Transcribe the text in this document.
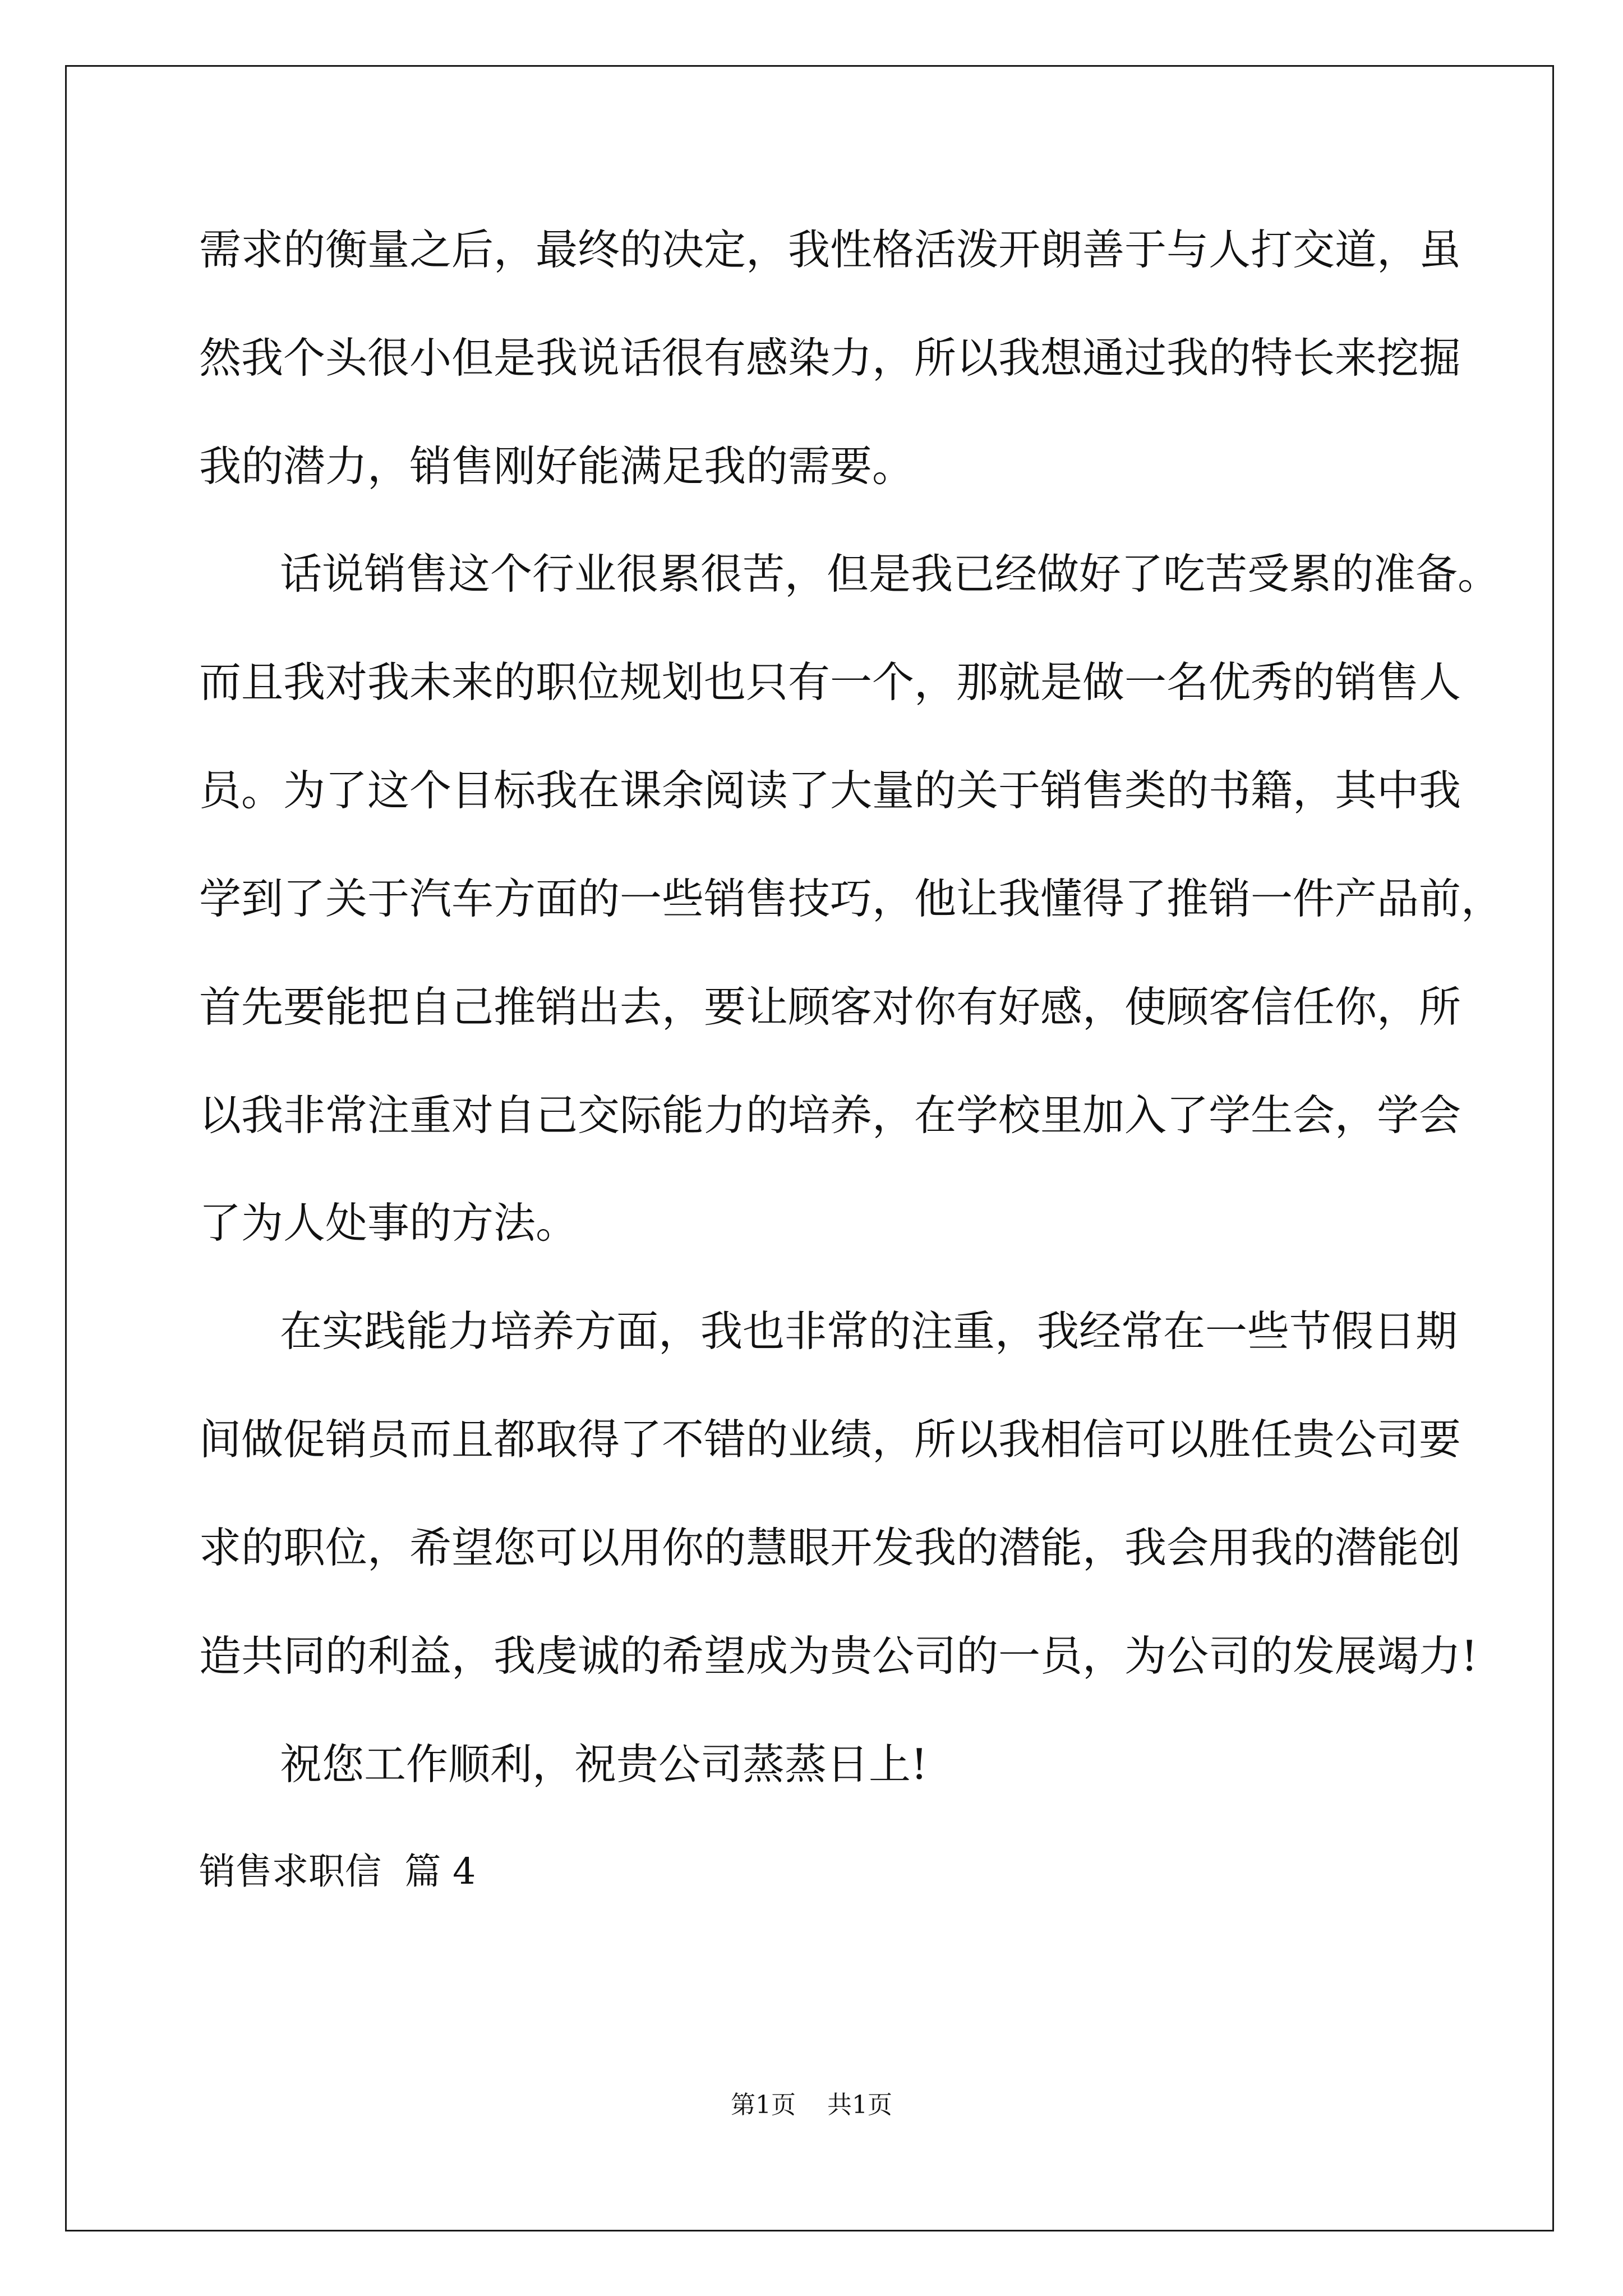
需求的衡量之后，最终的决定，我性格活泼开朗善于与人打交道，虽
然我个头很小但是我说话很有感染力，所以我想通过我的特长来挖掘
我的潜力，销售刚好能满足我的需要。
话说销售这个行业很累很苦，但是我已经做好了吃苦受累的准备。
而且我对我未来的职位规划也只有一个，那就是做一名优秀的销售人
员。为了这个目标我在课余阅读了大量的关于销售类的书籍，其中我
学到了关于汽车方面的一些销售技巧，他让我懂得了推销一件产品前，
首先要能把自己推销出去，要让顾客对你有好感，使顾客信任你，所
以我非常注重对自己交际能力的培养，在学校里加入了学生会，学会
了为人处事的方法。
在实践能力培养方面，我也非常的注重，我经常在一些节假日期
间做促销员而且都取得了不错的业绩，所以我相信可以胜任贵公司要
求的职位，希望您可以用你的慧眼开发我的潜能，我会用我的潜能创
造共同的利益，我虔诚的希望成为贵公司的一员，为公司的发展竭力!
祝您工作顺利，祝贵公司蒸蒸日上!
销售求职信  篇 4
第1页    共1页
